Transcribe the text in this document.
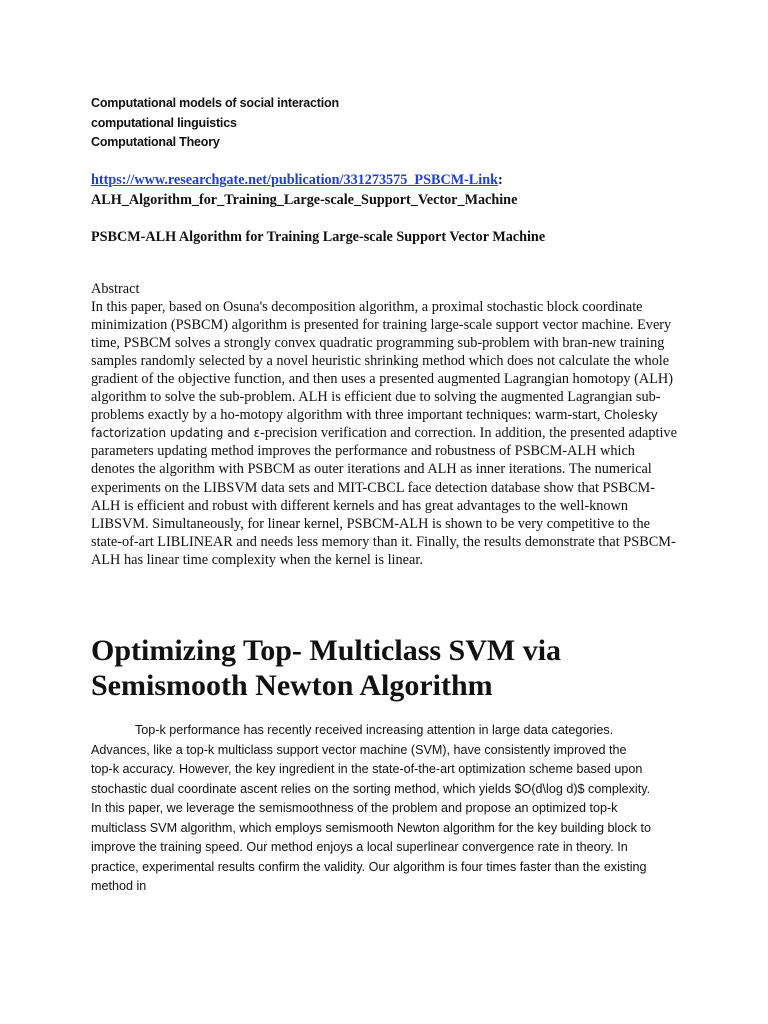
Computational models of social interaction
computational linguistics
Computational Theory
https://www.researchgate.net/publication/331273575_PSBCM-Link:
ALH_Algorithm_for_Training_Large-scale_Support_Vector_Machine
PSBCM-ALH Algorithm for Training Large-scale Support Vector Machine

Abstract

In this paper, based on Osuna's decomposition algorithm, a proximal stochastic block coordinate minimization (PSBCM) algorithm is presented for training large-scale support vector machine. Every time, PSBCM solves a strongly convex quadratic programming sub-problem with bran-new training samples randomly selected by a novel heuristic shrinking method which does not calculate the whole gradient of the objective function, and then uses a presented augmented Lagrangian homotopy (ALH) algorithm to solve the sub-problem. ALH is efficient due to solving the augmented Lagrangian sub-problems exactly by a ho-motopy algorithm with three important techniques: warm-start, Cholesky factorization updating and ε-precision verification and correction. In addition, the presented adaptive parameters updating method improves the performance and robustness of PSBCM-ALH which denotes the algorithm with PSBCM as outer iterations and ALH as inner iterations. The numerical experiments on the LIBSVM data sets and MIT-CBCL face detection database show that PSBCM-ALH is efficient and robust with different kernels and has great advantages to the well-known LIBSVM. Simultaneously, for linear kernel, PSBCM-ALH is shown to be very competitive to the state-of-art LIBLINEAR and needs less memory than it. Finally, the results demonstrate that PSBCM-ALH has linear time complexity when the kernel is linear.

Optimizing Top- Multiclass SVM via Semismooth Newton Algorithm

Top-k performance has recently received increasing attention in large data categories. Advances, like a top-k multiclass support vector machine (SVM), have consistently improved the top-k accuracy. However, the key ingredient in the state-of-the-art optimization scheme based upon stochastic dual coordinate ascent relies on the sorting method, which yields $O(d\log d)$ complexity. In this paper, we leverage the semismoothness of the problem and propose an optimized top-k multiclass SVM algorithm, which employs semismooth Newton algorithm for the key building block to improve the training speed. Our method enjoys a local superlinear convergence rate in theory. In practice, experimental results confirm the validity. Our algorithm is four times faster than the existing method in
